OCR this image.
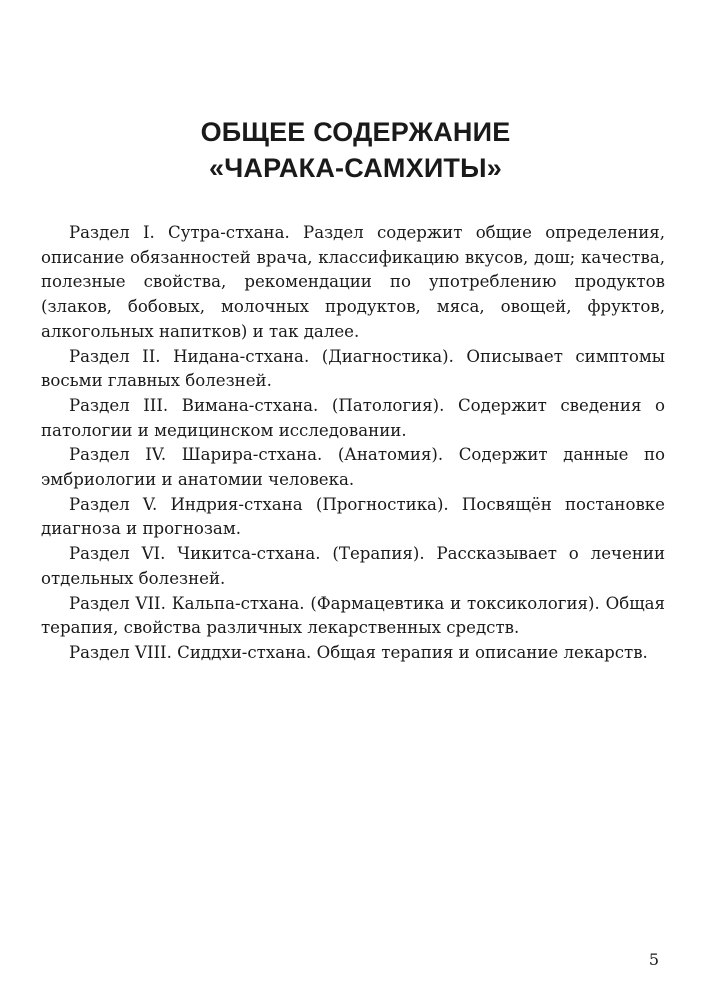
ОБЩЕЕ СОДЕРЖАНИЕ
«ЧАРАКА-САМХИТЫ»

Раздел I. Сутра-стхана. Раздел содержит общие определения, описание обязанностей врача, классификацию вкусов, дош; качества, полезные свойства, рекомендации по употреблению продуктов (злаков, бобовых, молочных продуктов, мяса, овощей, фруктов, алкогольных напитков) и так далее.

Раздел II. Нидана-стхана. (Диагностика). Описывает симптомы восьми главных болезней.

Раздел III. Вимана-стхана. (Патология). Содержит сведения о патологии и медицинском исследовании.

Раздел IV. Шарира-стхана. (Анатомия). Содержит данные по эмбриологии и анатомии человека.

Раздел V. Индрия-стхана (Прогностика). Посвящён постановке диагноза и прогнозам.

Раздел VI. Чикитса-стхана. (Терапия). Рассказывает о лечении отдельных болезней.

Раздел VII. Кальпа-стхана. (Фармацевтика и токсикология). Общая терапия, свойства различных лекарственных средств.

Раздел VIII. Сиддхи-стхана. Общая терапия и описание лекарств.

5
